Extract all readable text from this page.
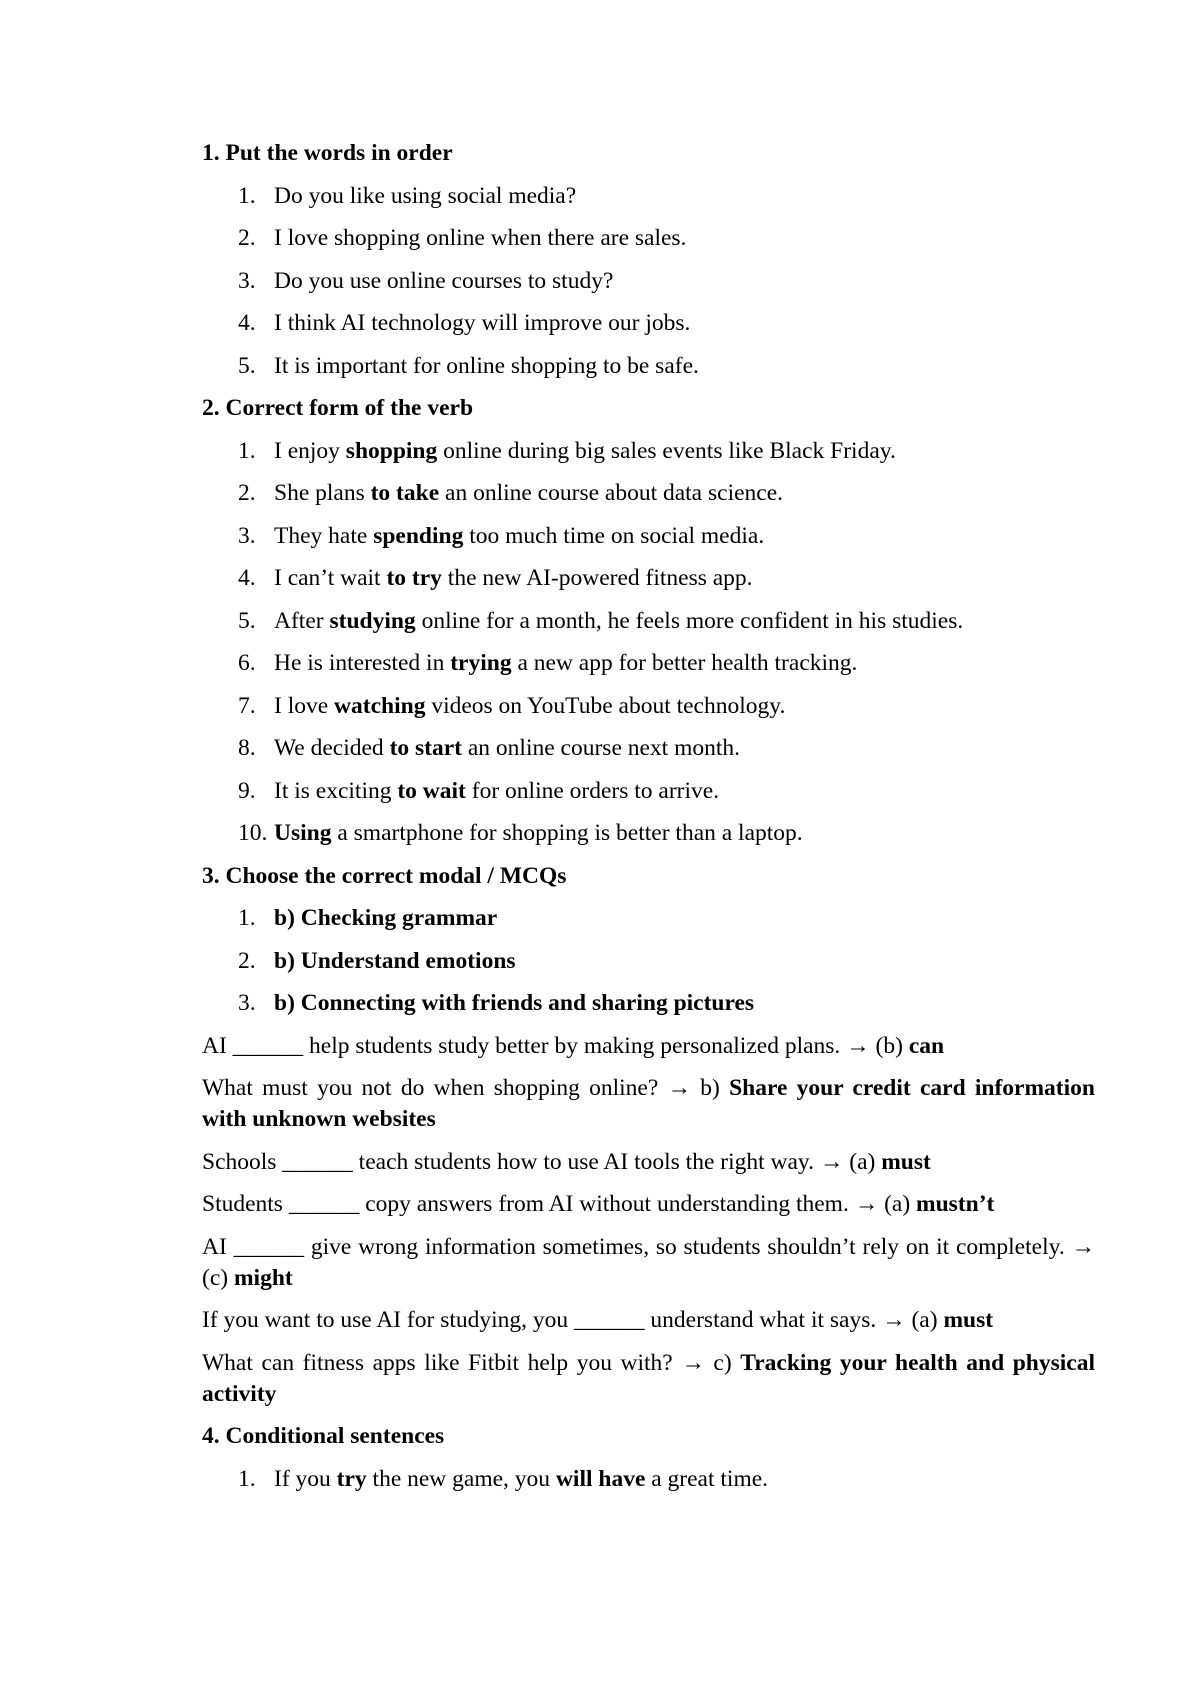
1. Put the words in order
1. Do you like using social media?
2. I love shopping online when there are sales.
3. Do you use online courses to study?
4. I think AI technology will improve our jobs.
5. It is important for online shopping to be safe.
2. Correct form of the verb
1. I enjoy shopping online during big sales events like Black Friday.
2. She plans to take an online course about data science.
3. They hate spending too much time on social media.
4. I can’t wait to try the new AI-powered fitness app.
5. After studying online for a month, he feels more confident in his studies.
6. He is interested in trying a new app for better health tracking.
7. I love watching videos on YouTube about technology.
8. We decided to start an online course next month.
9. It is exciting to wait for online orders to arrive.
10. Using a smartphone for shopping is better than a laptop.
3. Choose the correct modal / MCQs
1. b) Checking grammar
2. b) Understand emotions
3. b) Connecting with friends and sharing pictures

AI ______ help students study better by making personalized plans. → (b) can

What must you not do when shopping online? → b) Share your credit card information with unknown websites

Schools ______ teach students how to use AI tools the right way. → (a) must

Students ______ copy answers from AI without understanding them. → (a) mustn’t

AI ______ give wrong information sometimes, so students shouldn’t rely on it completely. → (c) might

If you want to use AI for studying, you ______ understand what it says. → (a) must

What can fitness apps like Fitbit help you with? → c) Tracking your health and physical activity

4. Conditional sentences
1. If you try the new game, you will have a great time.
